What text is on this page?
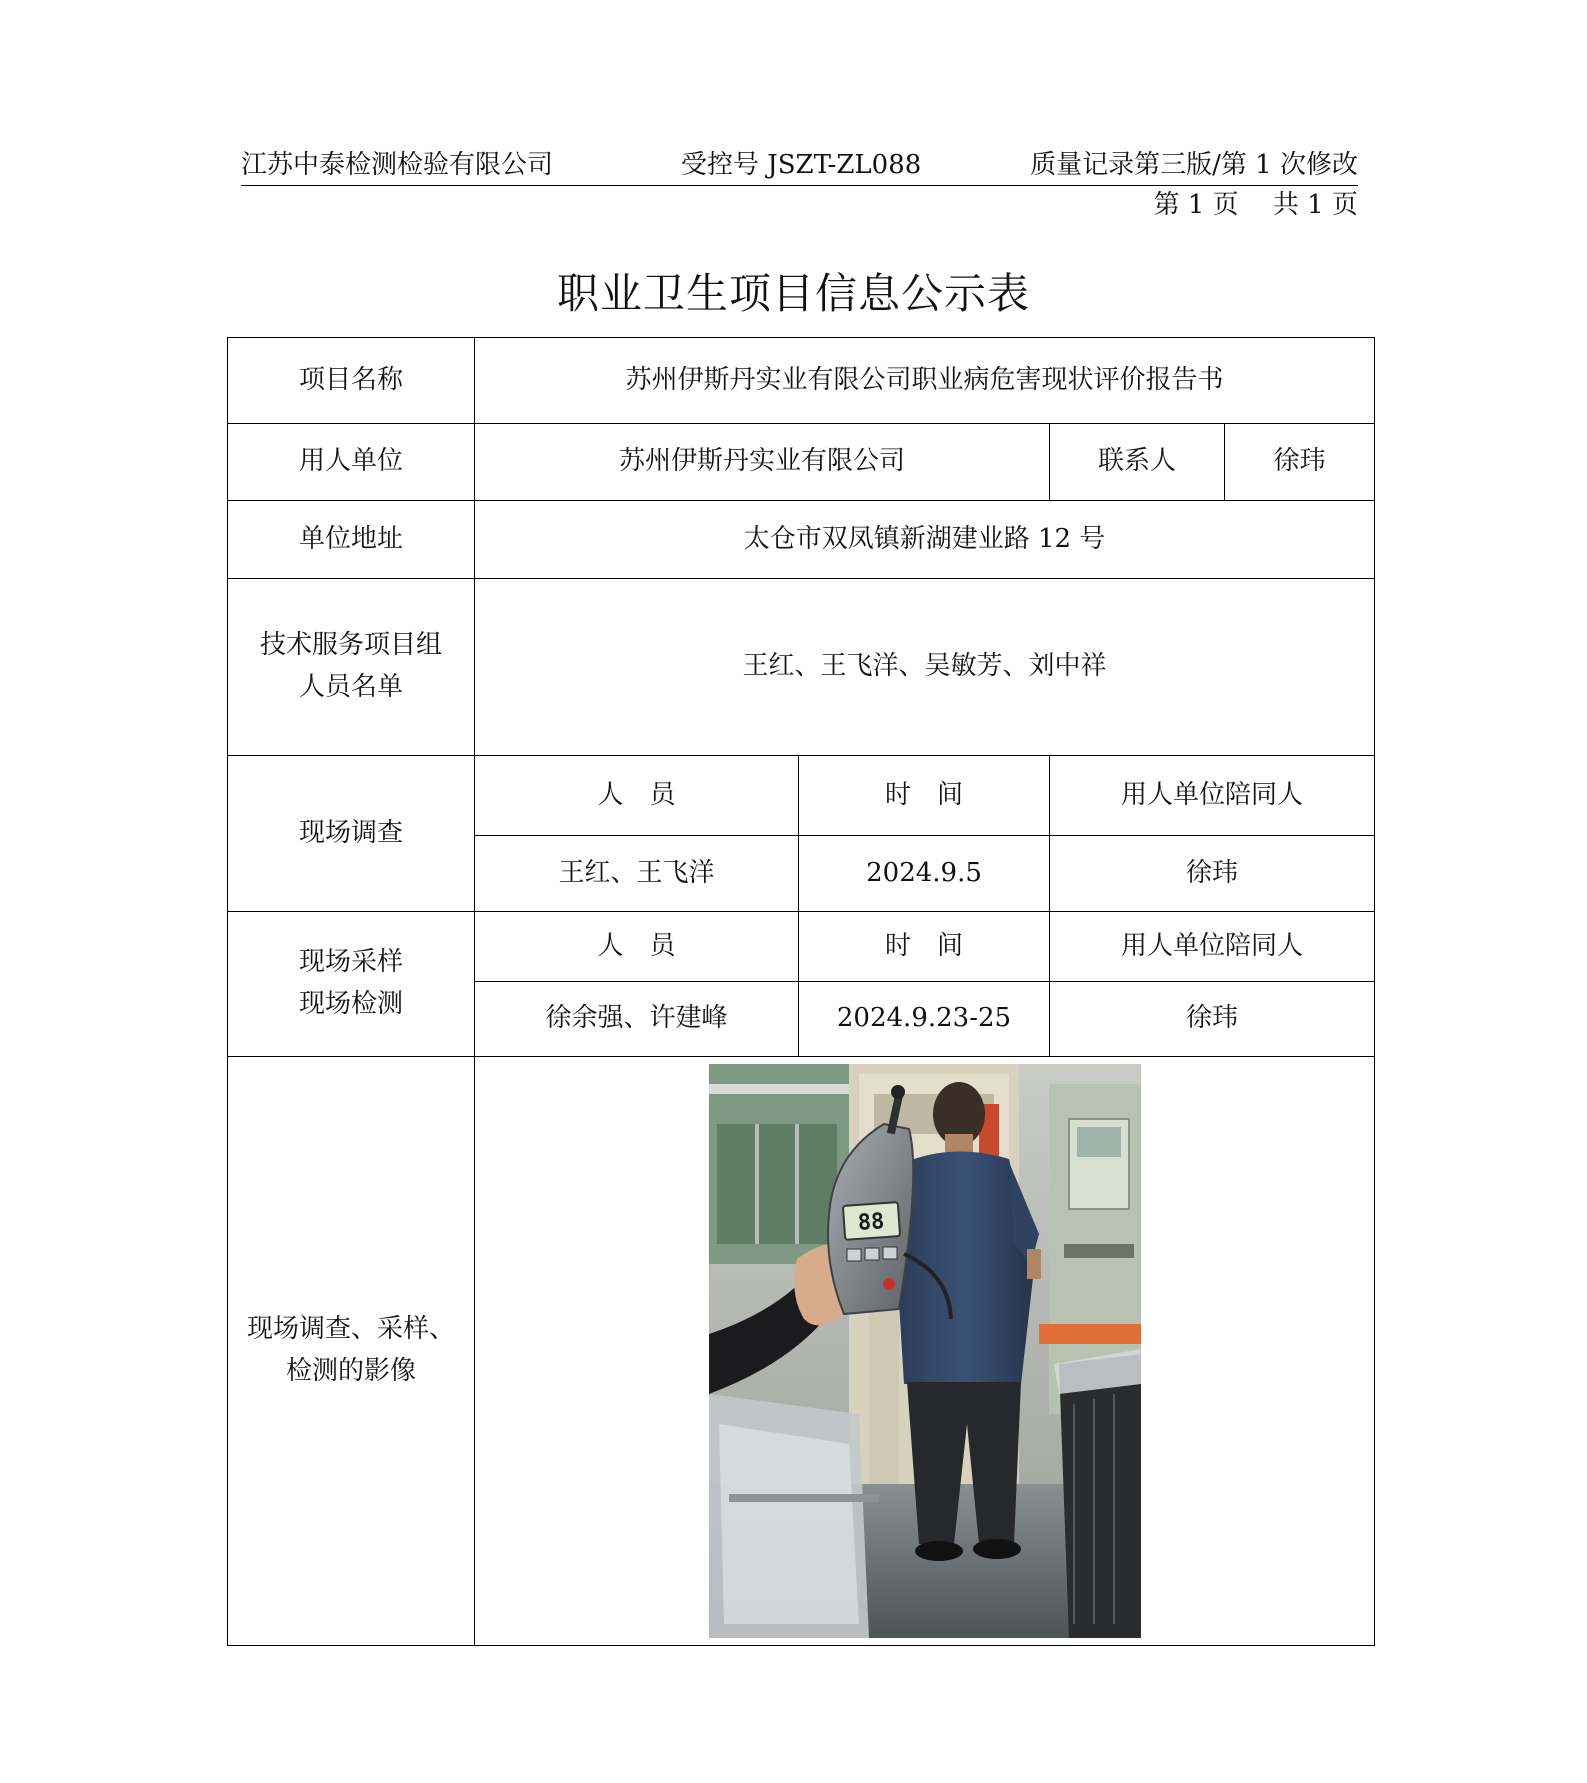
江苏中泰检测检验有限公司	受控号 JSZT-ZL088	质量记录第三版/第 1 次修改
第 1 页　 共 1 页
职业卫生项目信息公示表
项目名称	苏州伊斯丹实业有限公司职业病危害现状评价报告书			
用人单位	苏州伊斯丹实业有限公司		联系人	徐玮
单位地址	太仓市双凤镇新湖建业路 12 号			

技术服务项目组
人员名单	王红、王飞洋、吴敏芳、刘中祥			
现场调查	人　员	时　间	用人单位陪同人	
	王红、王飞洋	2024.9.5	徐玮	

现场采样
现场检测	人　员	时　间	用人单位陪同人	
	徐余强、许建峰	2024.9.23-25	徐玮	

现场调查、采样、
检测的影像	88			
